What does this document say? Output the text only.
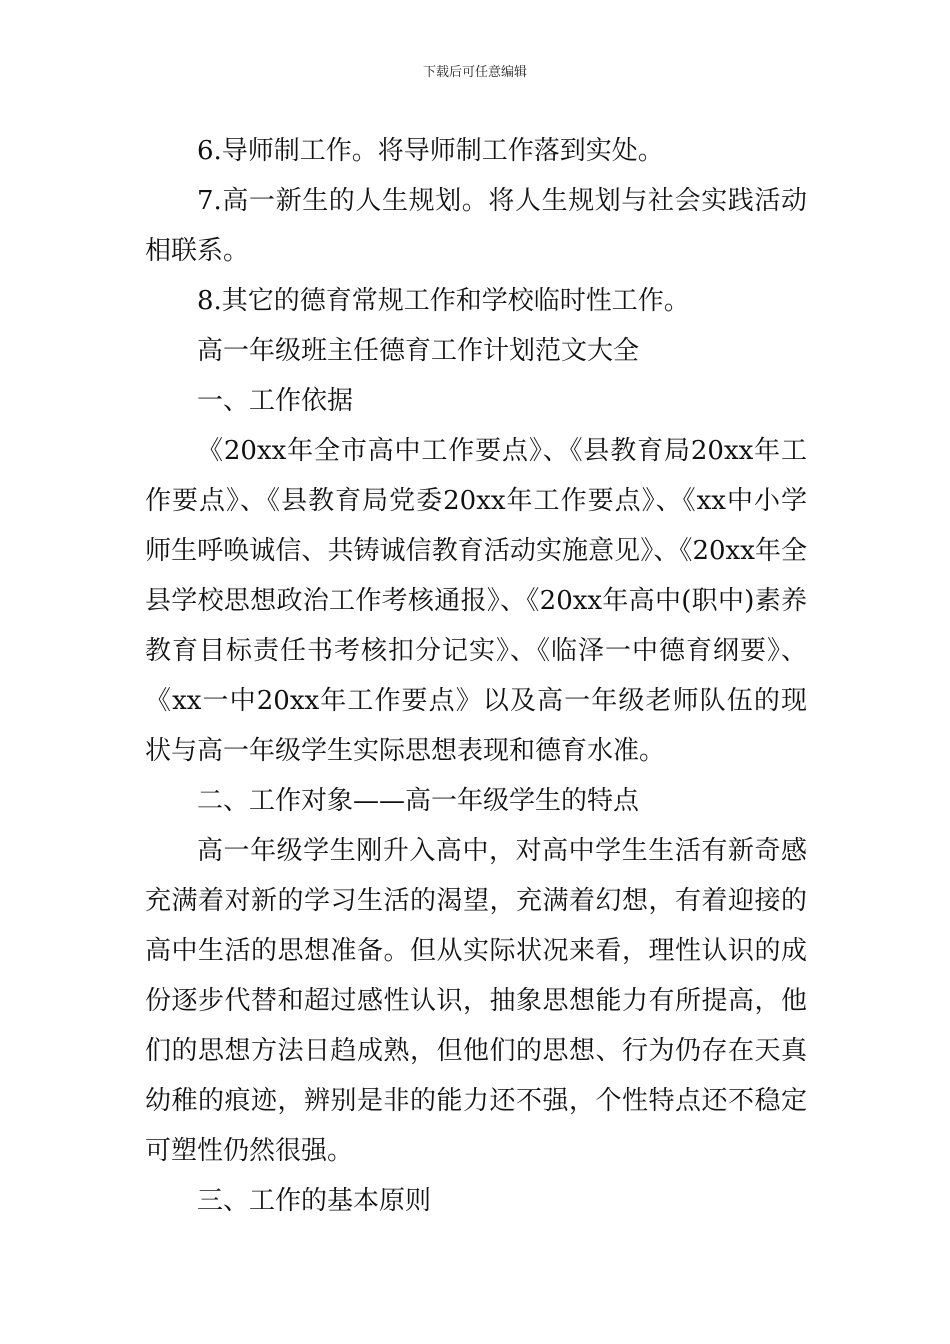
下载后可任意编辑

6.导师制工作。将导师制工作落到实处。

7.高一新生的人生规划。将人生规划与社会实践活动相联系。

8.其它的德育常规工作和学校临时性工作。

高一年级班主任德育工作计划范文大全

一、工作依据

《20xx年全市高中工作要点》、《县教育局20xx年工作要点》、《县教育局党委20xx年工作要点》、《xx中小学师生呼唤诚信、共铸诚信教育活动实施意见》、《20xx年全县学校思想政治工作考核通报》、《20xx年高中(职中)素养教育目标责任书考核扣分记实》、《临泽一中德育纲要》、《xx一中20xx年工作要点》以及高一年级老师队伍的现状与高一年级学生实际思想表现和德育水准。

二、工作对象——高一年级学生的特点

高一年级学生刚升入高中，对高中学生生活有新奇感充满着对新的学习生活的渴望，充满着幻想，有着迎接的高中生活的思想准备。但从实际状况来看，理性认识的成份逐步代替和超过感性认识，抽象思想能力有所提高，他们的思想方法日趋成熟，但他们的思想、行为仍存在天真幼稚的痕迹，辨别是非的能力还不强，个性特点还不稳定可塑性仍然很强。

三、工作的基本原则
